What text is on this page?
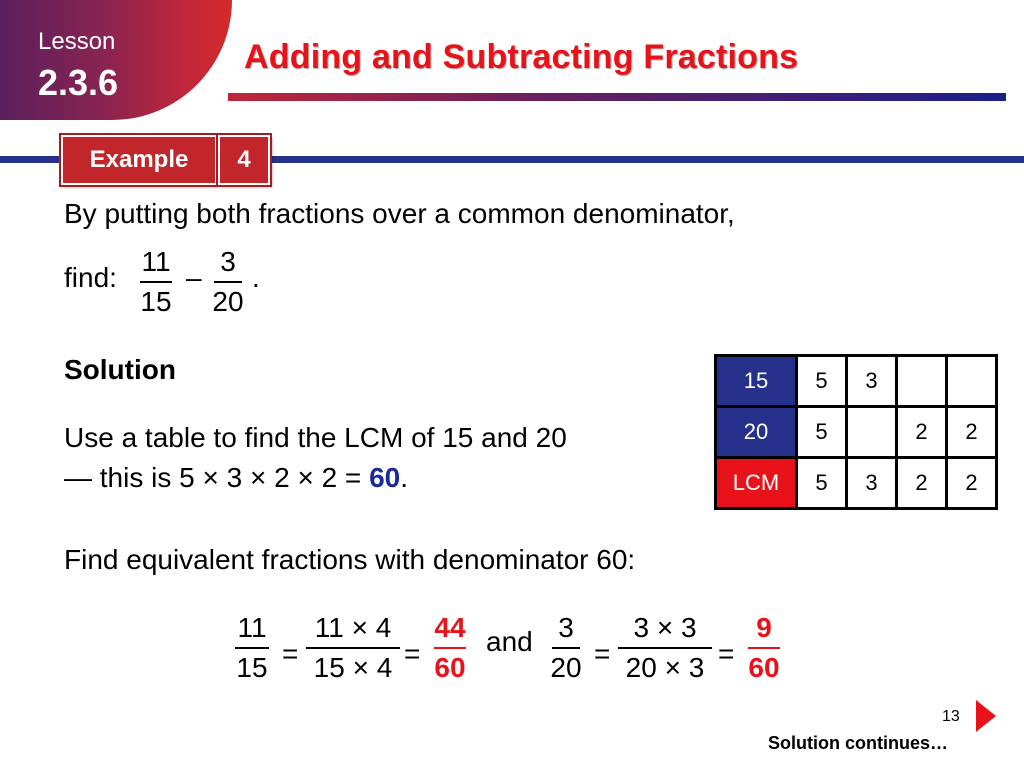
Lesson
2.3.6
Adding and Subtracting Fractions
Example	4
By putting both fractions over a common denominator,
find:
11
15
–
3
20
.
Solution
Use a table to find the LCM of 15 and 20
— this is 5 × 3 × 2 × 2 = 60.
15	5	3		
20	5		2	2
LCM	5	3	2	2
Find equivalent fractions with denominator 60:
11
15 =
11 × 4
15 × 4 =
44
60
and 3
20 =
3 × 3
20 × 3 =
9
60
13
Solution continues…
